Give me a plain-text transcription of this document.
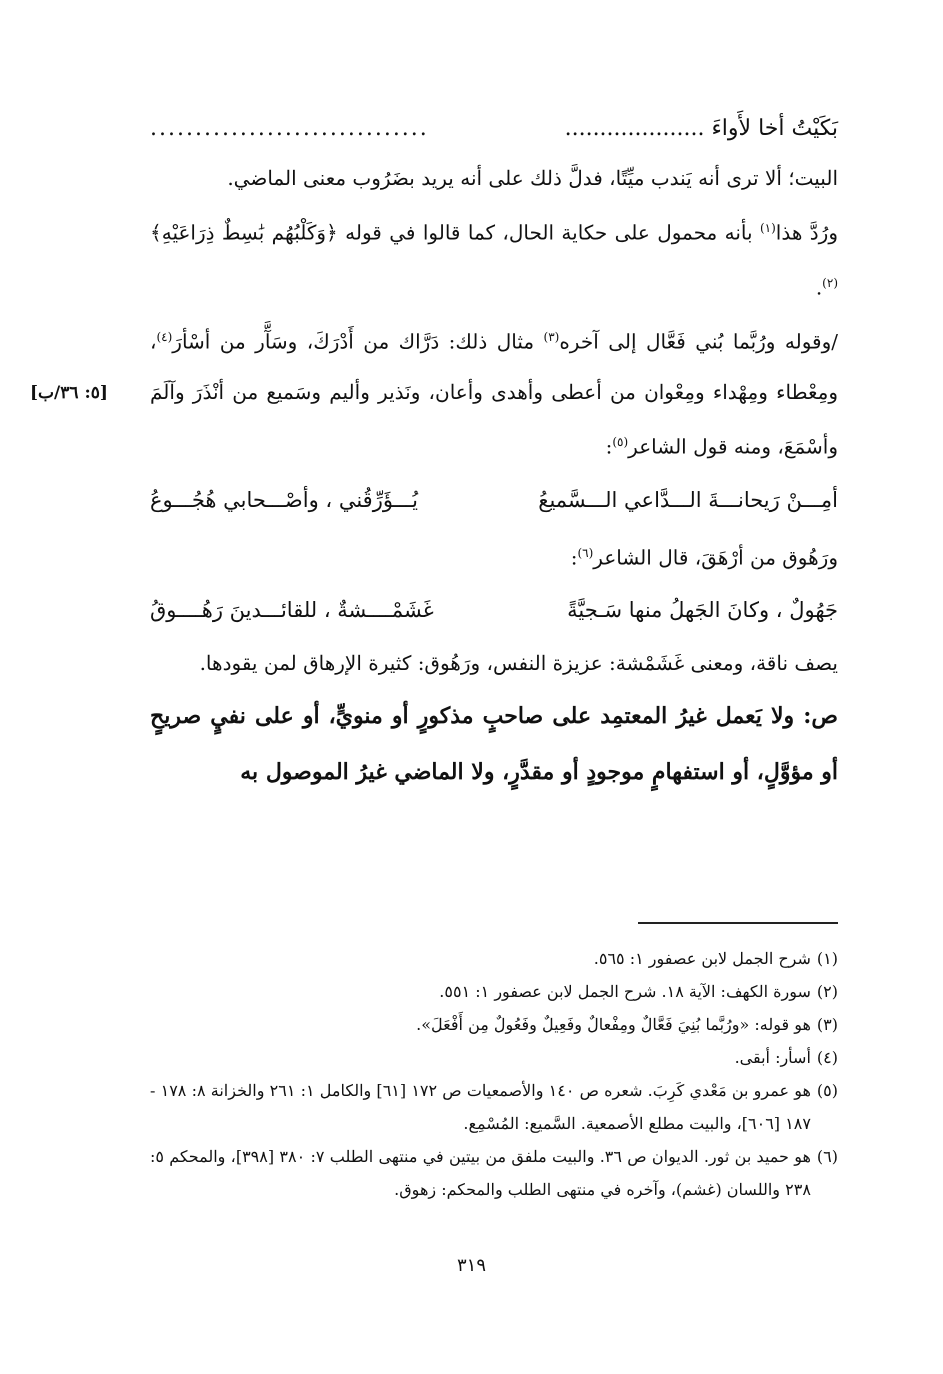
[٥: ٣٦/ب]
بَكَيْتُ أخا لأَواءَ ....................
...............................

البيت؛ ألا ترى أنه يَندب ميِّتًا، فدلَّ ذلك على أنه يريد بضَرُوب معنى الماضي.

ورُدَّ هذا$^{(١)}$ بأنه محمول على حكاية الحال، كما قالوا في قوله ﴿وَكَلْبُهُم بَٰسِطٌ ذِرَاعَيْهِ﴾$^{(٢)}$.

/وقوله ورُبَّما بُني فَعَّال إلى آخره$^{(٣)}$ مثال ذلك: دَرَّاك من أَدْرَكَ، وسَآَّر من أسْأرَ$^{(٤)}$، ومِعْطاء ومِهْداء ومِعْوان من أعطى وأهدى وأعان، ونَذير وأليم وسَميع من أنْذَرَ وآلَمَ وأسْمَعَ، ومنه قول الشاعر$^{(٥)}$:

أمِـــنْ رَيحانـــةَ الـــدَّاعي الـــسَّميعُ
يُـــؤَرِّقُني ، وأصْـــحابي هُجُـــوعُ

ورَهُوق من أرْهَقَ، قال الشاعر$^{(٦)}$:

جَهُولٌ ، وكانَ الجَهلُ منها سَـجيَّةً
غَشَمْــــشةٌ ، للقائـــدينَ رَهُــــوقُ

يصف ناقة، ومعنى غَشَمْشة: عزيزة النفس، ورَهُوق: كثيرة الإرهاق لمن يقودها.

ص: ولا يَعمل غيرُ المعتمِد على صاحبٍ مذكورٍ أو منويٍّ، أو على نفيٍ صريحٍ أو مؤوَّلٍ، أو استفهامٍ موجودٍ أو مقدَّرٍ، ولا الماضي غيرُ الموصول به

(١)
شرح الجمل لابن عصفور ١: ٥٦٥.
(٢)
سورة الكهف: الآية ١٨. شرح الجمل لابن عصفور ١: ٥٥١.
(٣)
هو قوله: «ورُبَّما بُنِيَ فَعَّالٌ ومِفْعالٌ وفَعِيلٌ وفَعُولٌ مِن أَفْعَلَ».
(٤)
أسأر: أبقى.
(٥)
هو عمرو بن مَعْدي كَرِبَ. شعره ص ١٤٠ والأصمعيات ص ١٧٢ [٦١] والكامل ١: ٢٦١ والخزانة ٨: ١٧٨ - ١٨٧ [٦٠٦]، والبيت مطلع الأصمعية. السَّميع: المُسْمِع.
(٦)
هو حميد بن ثور. الديوان ص ٣٦. والبيت ملفق من بيتين في منتهى الطلب ٧: ٣٨٠ [٣٩٨]، والمحكم ٥: ٢٣٨ واللسان (غشم)، وآخره في منتهى الطلب والمحكم: زهوق.
٣١٩
